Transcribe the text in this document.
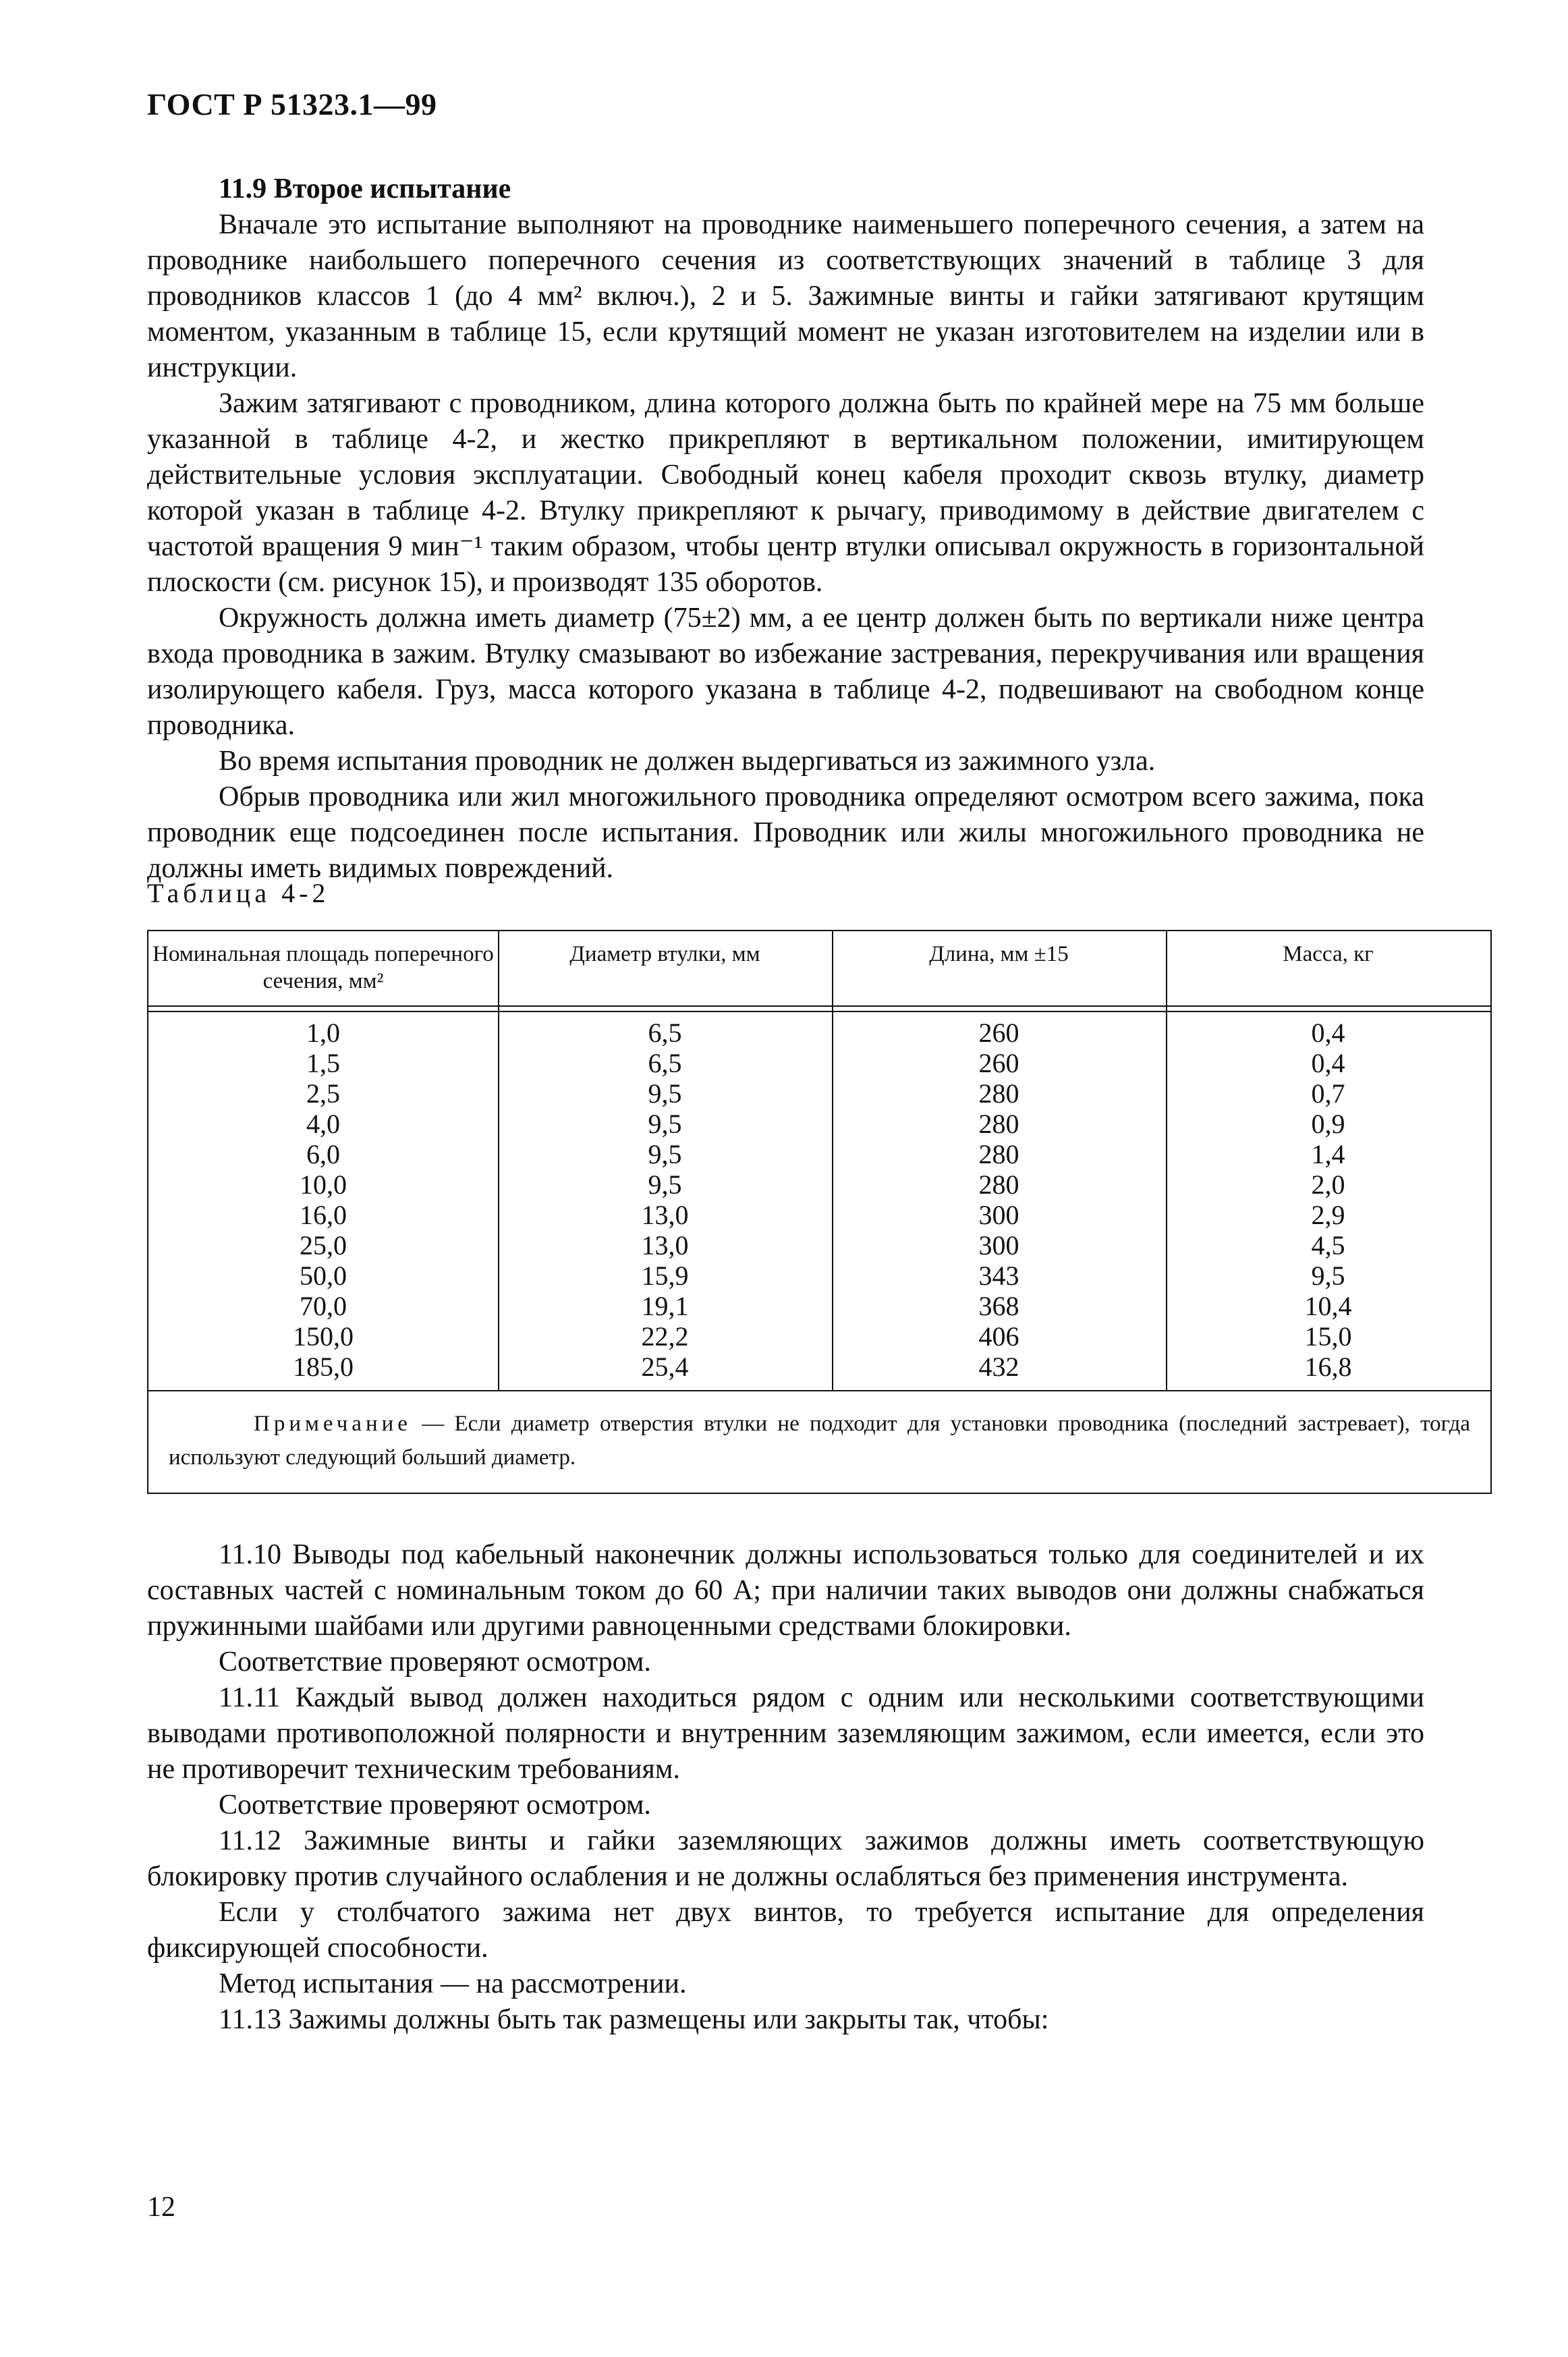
ГОСТ Р 51323.1—99

11.9 Второе испытание

Вначале это испытание выполняют на проводнике наименьшего поперечного сечения, а затем на проводнике наибольшего поперечного сечения из соответствующих значений в таблице 3 для проводников классов 1 (до 4 мм² включ.), 2 и 5. Зажимные винты и гайки затягивают крутящим моментом, указанным в таблице 15, если крутящий момент не указан изготовителем на изделии или в инструкции.

Зажим затягивают с проводником, длина которого должна быть по крайней мере на 75 мм больше указанной в таблице 4-2, и жестко прикрепляют в вертикальном положении, имитирующем действительные условия эксплуатации. Свободный конец кабеля проходит сквозь втулку, диаметр которой указан в таблице 4-2. Втулку прикрепляют к рычагу, приводимому в действие двигателем с частотой вращения 9 мин⁻¹ таким образом, чтобы центр втулки описывал окружность в горизонтальной плоскости (см. рисунок 15), и производят 135 оборотов.

Окружность должна иметь диаметр (75±2) мм, а ее центр должен быть по вертикали ниже центра входа проводника в зажим. Втулку смазывают во избежание застревания, перекручивания или вращения изолирующего кабеля. Груз, масса которого указана в таблице 4-2, подвешивают на свободном конце проводника.

Во время испытания проводник не должен выдергиваться из зажимного узла.

Обрыв проводника или жил многожильного проводника определяют осмотром всего зажима, пока проводник еще подсоединен после испытания. Проводник или жилы многожильного проводника не должны иметь видимых повреждений.

Таблица 4-2
Номинальная площадь поперечного сечения, мм²
Диаметр втулки, мм	Длина, мм ±15	Масса, кг
1,0
1,5
2,5
4,0
6,0
10,0
16,0
25,0
50,0
70,0
150,0
185,0
6,5
6,5
9,5
9,5
9,5
9,5
13,0
13,0
15,9
19,1
22,2
25,4
260
260
280
280
280
280
300
300
343
368
406
432
0,4
0,4
0,7
0,9
1,4
2,0
2,9
4,5
9,5
10,4
15,0
16,8
Примечание — Если диаметр отверстия втулки не подходит для установки проводника (последний застревает), тогда используют следующий больший диаметр.

11.10 Выводы под кабельный наконечник должны использоваться только для соединителей и их составных частей с номинальным током до 60 А; при наличии таких выводов они должны снабжаться пружинными шайбами или другими равноценными средствами блокировки.

Соответствие проверяют осмотром.

11.11 Каждый вывод должен находиться рядом с одним или несколькими соответствующими выводами противоположной полярности и внутренним заземляющим зажимом, если имеется, если это не противоречит техническим требованиям.

Соответствие проверяют осмотром.

11.12 Зажимные винты и гайки заземляющих зажимов должны иметь соответствующую блокировку против случайного ослабления и не должны ослабляться без применения инструмента.

Если у столбчатого зажима нет двух винтов, то требуется испытание для определения фиксирующей способности.

Метод испытания — на рассмотрении.

11.13 Зажимы должны быть так размещены или закрыты так, чтобы:

12
